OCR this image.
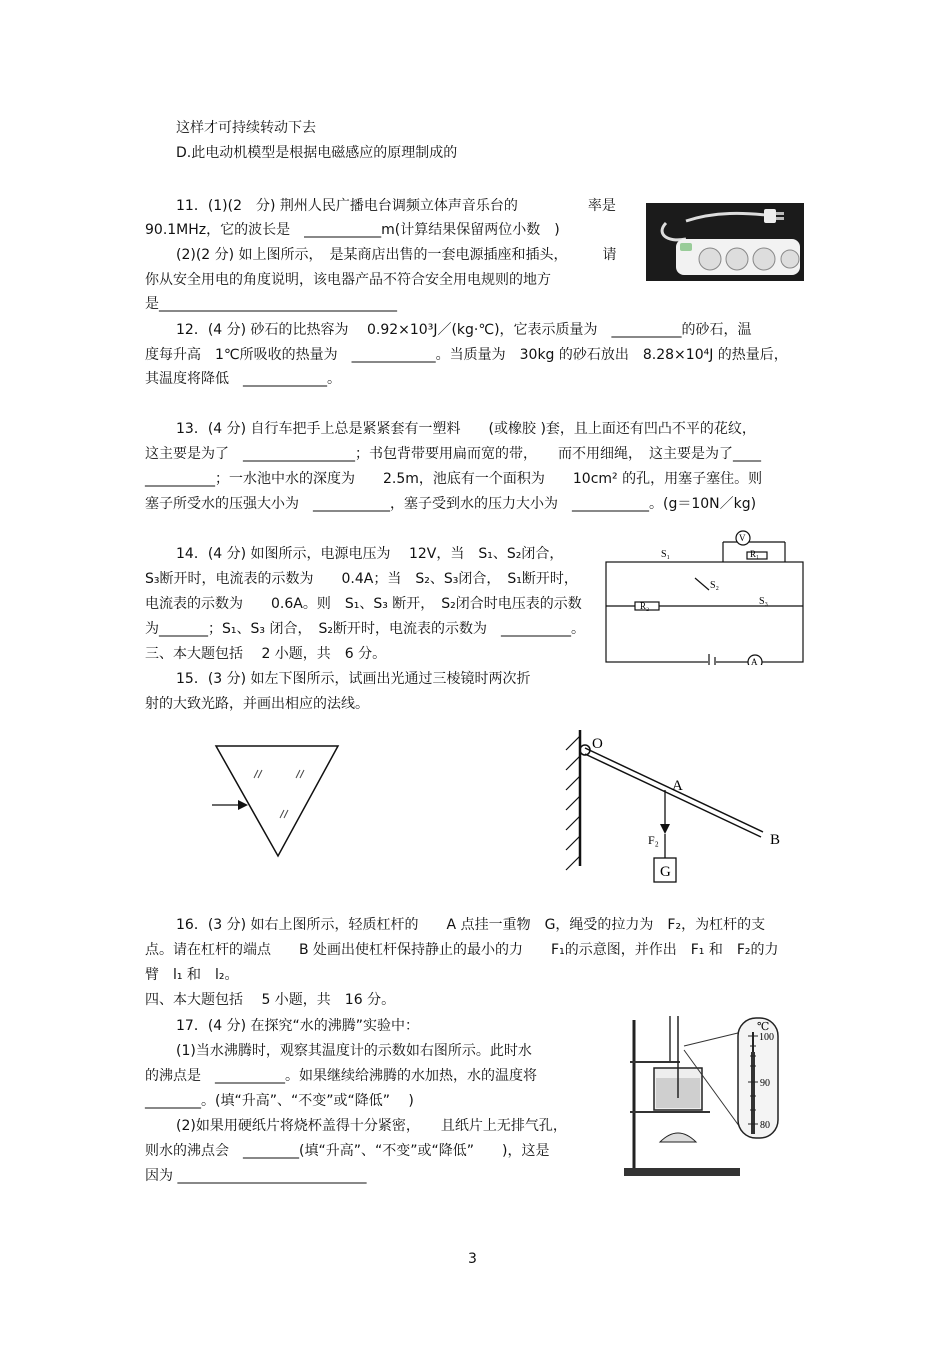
这样才可持续转动下去
D.此电动机模型是根据电磁感应的原理制成的
11．(1)(2　分) 荆州人民广播电台调频立体声音乐台的　　　　　率是
90.1MHz，它的波长是　___________m(计算结果保留两位小数　)
(2)(2 分) 如上图所示，　是某商店出售的一套电源插座和插头，　　　请
你从安全用电的角度说明，该电器产品不符合安全用电规则的地方
是__________________________________
12．(4 分) 砂石的比热容为　 0.92×10³J／(kg·℃)，它表示质量为　__________的砂石，温
度每升高　1℃所吸收的热量为　____________。当质量为　30kg 的砂石放出　8.28×10⁴J 的热量后，
其温度将降低　____________。
13．(4 分) 自行车把手上总是紧紧套有一塑料　　(或橡胶 )套，且上面还有凹凸不平的花纹，
这主要是为了　________________；书包背带要用扁而宽的带，　　而不用细绳，　这主要是为了____
__________；一水池中水的深度为　　2.5m，池底有一个面积为　　10cm² 的孔，用塞子塞住。则
塞子所受水的压强大小为　___________，塞子受到水的压力大小为　___________。(g＝10N／kg)
14．(4 分) 如图所示，电源电压为　 12V，当　S₁、S₂闭合，
S₃断开时，电流表的示数为　　0.4A；当　S₂、S₃闭合，　S₁断开时，
电流表的示数为　　0.6A。则　S₁、S₃ 断开，　S₂闭合时电压表的示数
为_______；S₁、S₃ 闭合，　S₂断开时，电流表的示数为　__________。
三、本大题包括　 2 小题，共　6 分。
15．(3 分) 如左下图所示，试画出光通过三棱镜时两次折
射的大致光路，并画出相应的法线。
16．(3 分) 如右上图所示，轻质杠杆的　　A 点挂一重物　G，绳受的拉力为　F₂，为杠杆的支
点。请在杠杆的端点　　B 处画出使杠杆保持静止的最小的力　　F₁的示意图，并作出　F₁ 和　F₂的力
臂　l₁ 和　l₂。
四、本大题包括　 5 小题，共　16 分。
17．(4 分) 在探究“水的沸腾”实验中：
(1)当水沸腾时，观察其温度计的示数如右图所示。此时水
的沸点是　__________。如果继续给沸腾的水加热，水的温度将
________。(填“升高”、“不变”或“降低”　 )
(2)如果用硬纸片将烧杯盖得十分紧密，　　且纸片上无排气孔，
则水的沸点会　________(填“升高”、“不变”或“降低”　　)，这是
因为 ___________________________
S₁
S₂
S₃
R₁
R₂
V
A
O
A
B
F₂
G
℃
100
90
80
3
